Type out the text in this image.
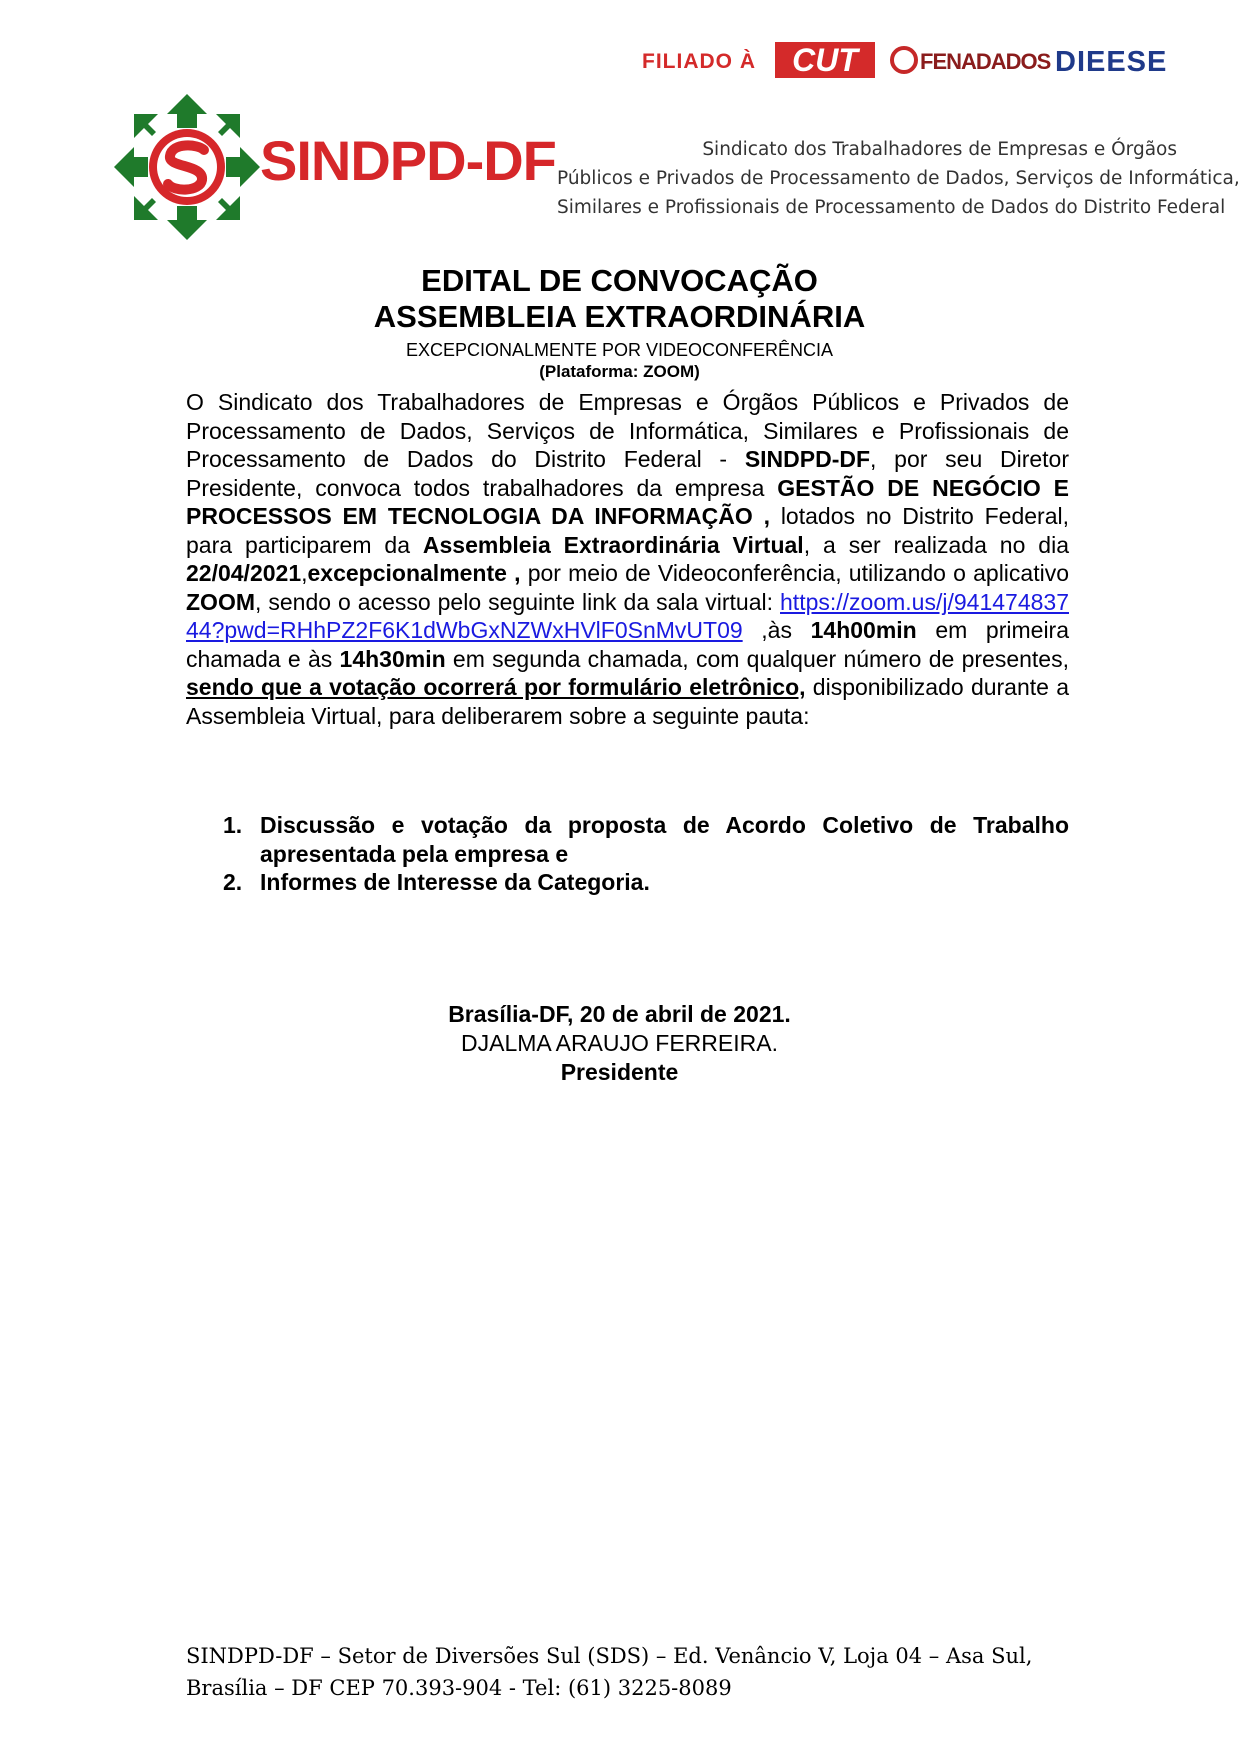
FILIADO À CUT	FENADADOS DIEESE
SINDPD-DF	Sindicato dos Trabalhadores de Empresas e Órgãos
Públicos e Privados de Processamento de Dados, Serviços de Informática,
Similares e Profissionais de Processamento de Dados do Distrito Federal
EDITAL DE CONVOCAÇÃO
ASSEMBLEIA EXTRAORDINÁRIA
EXCEPCIONALMENTE POR VIDEOCONFERÊNCIA
(Plataforma: ZOOM)
O Sindicato dos Trabalhadores de Empresas e Órgãos Públicos e Privados de Processamento de Dados, Serviços de Informática, Similares e Profissionais de Processamento de Dados do Distrito Federal - SINDPD-DF, por seu Diretor Presidente, convoca todos trabalhadores da empresa GESTÃO DE NEGÓCIO E PROCESSOS EM TECNOLOGIA DA INFORMAÇÃO , lotados no Distrito Federal, para participarem da Assembleia Extraordinária Virtual, a ser realizada no dia 22/04/2021,excepcionalmente , por meio de Videoconferência, utilizando o aplicativo ZOOM, sendo o acesso pelo seguinte link da sala virtual: https://zoom.us/j/94147483744?pwd=RHhPZ2F6K1dWbGxNZWxHVlF0SnMvUT09 ,às 14h00min em primeira chamada e às 14h30min em segunda chamada, com qualquer número de presentes, sendo que a votação ocorrerá por formulário eletrônico, disponibilizado durante a Assembleia Virtual, para deliberarem sobre a seguinte pauta:
1. Discussão e votação da proposta de Acordo Coletivo de Trabalho apresentada pela empresa e
2. Informes de Interesse da Categoria.
Brasília-DF, 20 de abril de 2021.
DJALMA ARAUJO FERREIRA.
Presidente
SINDPD-DF – Setor de Diversões Sul (SDS) – Ed. Venâncio V, Loja 04 – Asa Sul,
Brasília – DF CEP 70.393-904 - Tel: (61) 3225-8089
